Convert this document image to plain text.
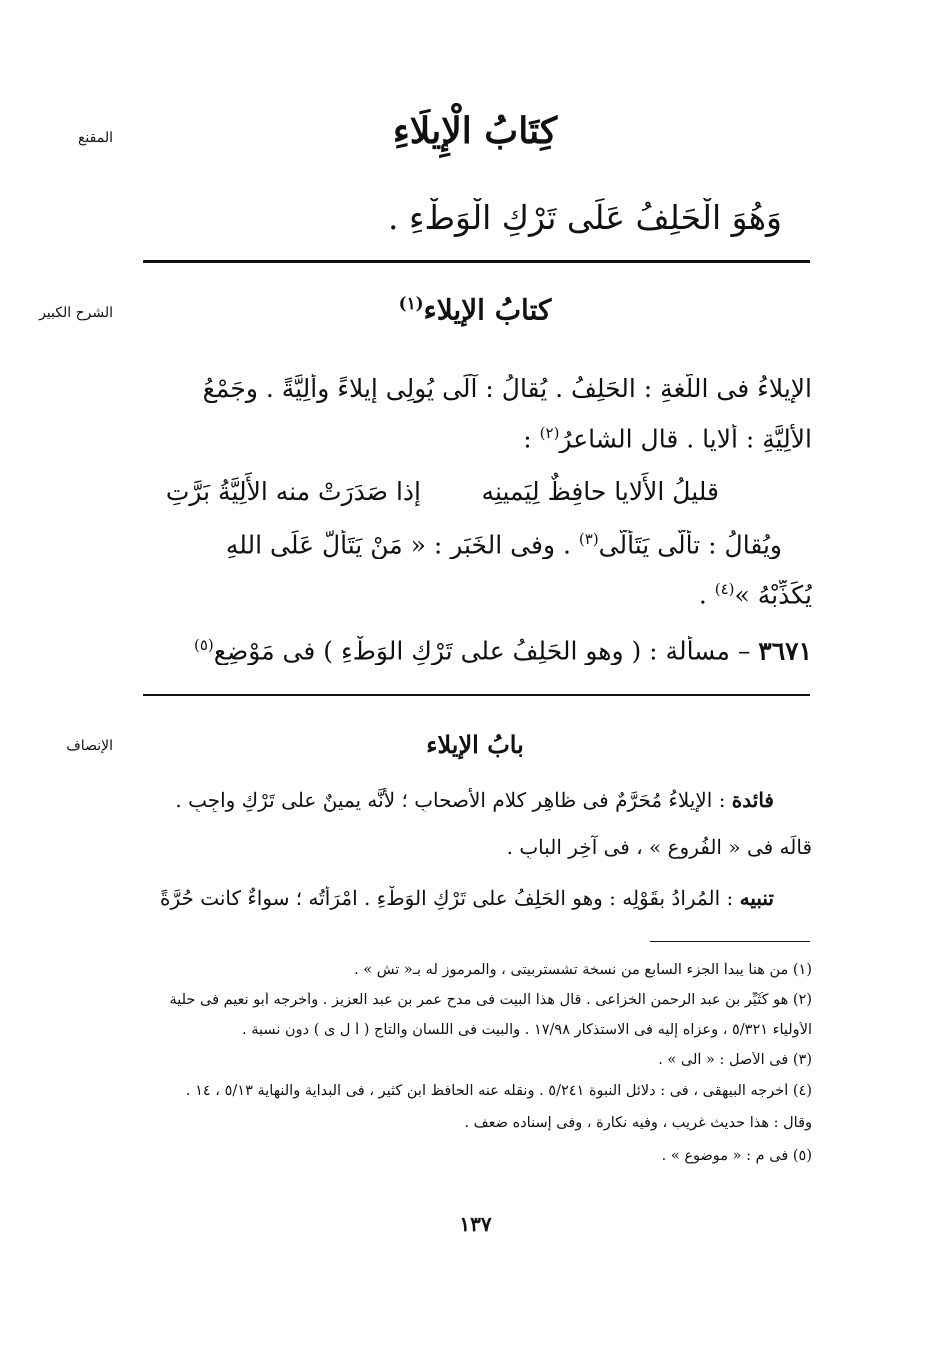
المقنع
الشرح الكبير
الإنصاف
كِتَابُ الْإِيلَاءِ
وَهُوَ الْحَلِفُ عَلَى تَرْكِ الْوَطْءِ .
كتابُ الإيلاء$^{(١)}$
الإيلاءُ فى اللُّغةِ : الحَلِفُ . يُقالُ : آلَى يُولِى إيلاءً وأَلِيَّةً . وجَمْعُ
الأَلِيَّةِ : ألايا . قال الشاعرُ$^{(٢)}$ :
قليلُ الأَلايا حافِظٌ لِيَمينِه
إذا صَدَرَتْ منه الأَلِيَّةُ بَرَّتِ
ويُقالُ : تألَّى يَتَألَّى$^{(٣)}$ . وفى الخَبَرِ : « مَنْ يَتَأَلَّ عَلَى اللهِ
يُكَذِّبْهُ »$^{(٤)}$ .
٣٦٧١ – مسألة : ( وهو الحَلِفُ على تَرْكِ الوَطْءِ ) فى مَوْضِعٍ$^{(٥)}$
بابُ الإيلاء
فائدة : الإيلاءُ مُحَرَّمٌ فى ظاهِرِ كلامِ الأصحابِ ؛ لأنَّه يمينٌ على تَرْكِ واجِبٍ .
قالَه فى « الفُروعِ » ، فى آخِرِ البابِ .
تنبيه : المُرادُ بقَوْلِه : وهو الحَلِفُ على تَرْكِ الوَطْءِ . امْرَأَتُه ؛ سواءٌ كانت حُرَّةً
(١) من هنا يبدأ الجزء السابع من نسخة تشستربيتى ، والمرموز له بـ« تش » .
(٢) هو كُثَيِّر بن عبد الرحمن الخزاعى . قال هذا البيت فى مدح عمر بن عبد العزيز . وأخرجه أبو نعيم فى حلية
الأولياء ٥/٣٢١ ، وعزاه إليه فى الاستذكار ١٧/٩٨ . والبيت فى اللسان والتاج ( أ ل ى ) دون نسبة .
(٣) فى الأصل : « آلى » .
(٤) أخرجه البيهقى ، فى : دلائل النبوة ٥/٢٤١ . ونقله عنه الحافظ ابن كثير ، فى البداية والنهاية ٥/١٣ ، ١٤ .
وقال : هذا حديث غريب ، وفيه نكارة ، وفى إسناده ضعف .
(٥) فى م : « موضوع » .
١٣٧
